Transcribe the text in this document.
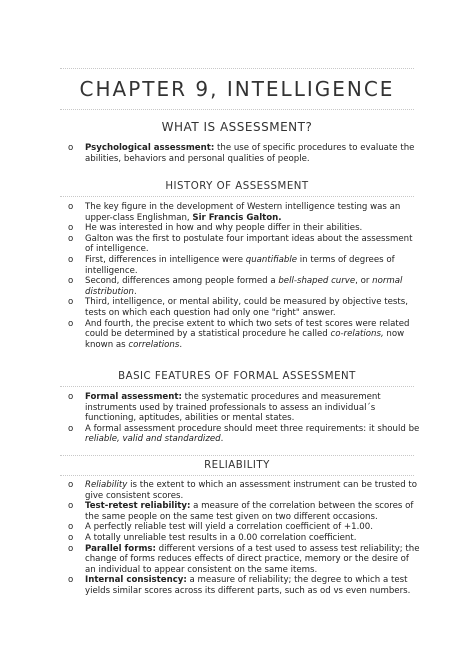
CHAPTER 9, INTELLIGENCE
WHAT IS ASSESSMENT?
o Psychological assessment: the use of specific procedures to evaluate the abilities, behaviors and personal qualities of people.
HISTORY OF ASSESSMENT
o The key figure in the development of Western intelligence testing was an upper-class Englishman, Sir Francis Galton.
o He was interested in how and why people differ in their abilities.
o Galton was the first to postulate four important ideas about the assessment of intelligence.
o First, differences in intelligence were quantifiable in terms of degrees of intelligence.
o Second, differences among people formed a bell-shaped curve, or normal distribution.
o Third, intelligence, or mental ability, could be measured by objective tests, tests on which each question had only one "right" answer.
o And fourth, the precise extent to which two sets of test scores were related could be determined by a statistical procedure he called co-relations, now known as correlations.
BASIC FEATURES OF FORMAL ASSESSMENT
o Formal assessment: the systematic procedures and measurement instruments used by trained professionals to assess an individual´s functioning, aptitudes, abilities or mental states.
o A formal assessment procedure should meet three requirements: it should be reliable, valid and standardized.
RELIABILITY
o Reliability is the extent to which an assessment instrument can be trusted to give consistent scores.
o Test-retest reliability: a measure of the correlation between the scores of the same people on the same test given on two different occasions.
o A perfectly reliable test will yield a correlation coefficient of +1.00.
o A totally unreliable test results in a 0.00 correlation coefficient.
o Parallel forms: different versions of a test used to assess test reliability; the change of forms reduces effects of direct practice, memory or the desire of an individual to appear consistent on the same items.
o Internal consistency: a measure of reliability; the degree to which a test yields similar scores across its different parts, such as od vs even numbers.
